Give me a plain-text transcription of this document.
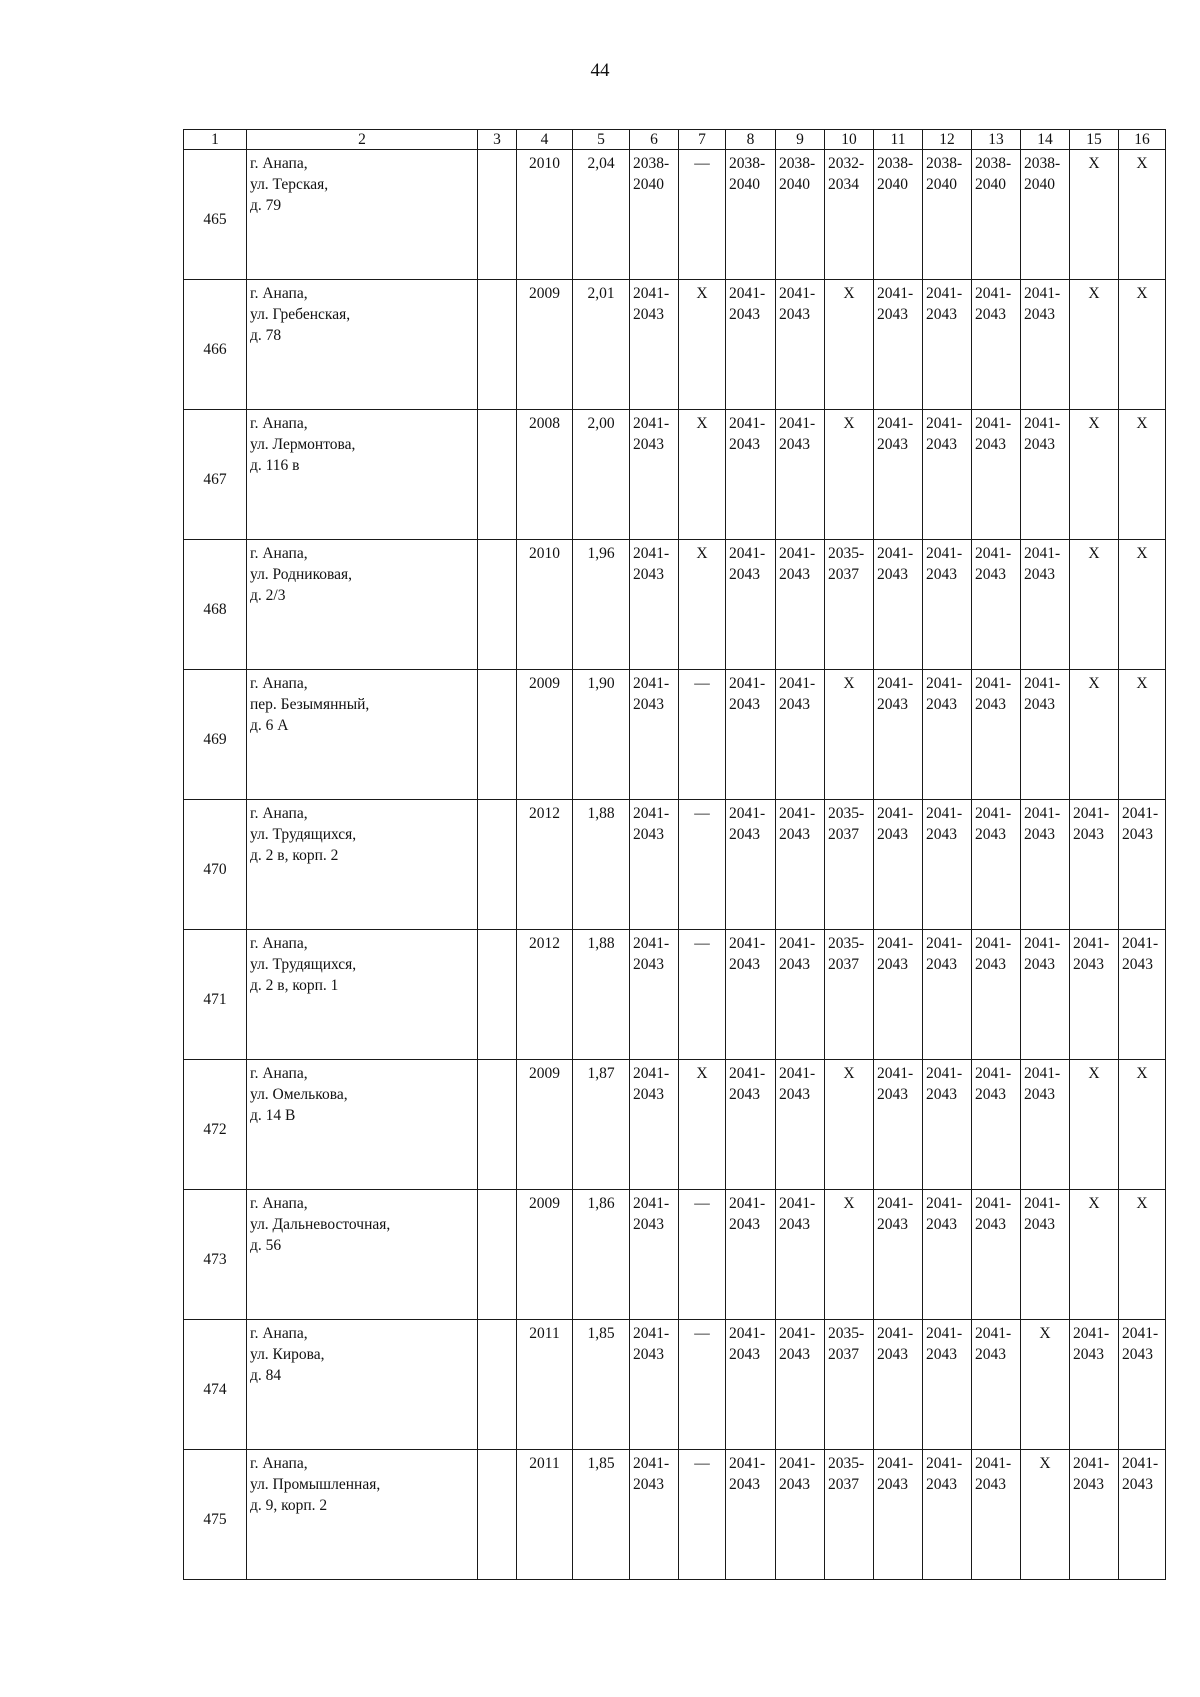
44
1	2	3	4	5	6	7	8	9	10	11	12	13	14	15	16
465	г. Анапа,
ул. Терская,
д. 79		2010	2,04	2038-
2040	—	2038-
2040	2038-
2040	2032-
2034	2038-
2040	2038-
2040	2038-
2040	2038-
2040	Х	Х

466	г. Анапа,
ул. Гребенская,
д. 78		2009	2,01	2041-
2043	Х	2041-
2043	2041-
2043	Х	2041-
2043	2041-
2043	2041-
2043	2041-
2043	Х	Х

467	г. Анапа,
ул. Лермонтова,
д. 116 в		2008	2,00	2041-
2043	Х	2041-
2043	2041-
2043	Х	2041-
2043	2041-
2043	2041-
2043	2041-
2043	Х	Х

468	г. Анапа,
ул. Родниковая,
д. 2/3		2010	1,96	2041-
2043	Х	2041-
2043	2041-
2043	2035-
2037	2041-
2043	2041-
2043	2041-
2043	2041-
2043	Х	Х

469	г. Анапа,
пер. Безымянный,
д. 6 А		2009	1,90	2041-
2043	—	2041-
2043	2041-
2043	Х	2041-
2043	2041-
2043	2041-
2043	2041-
2043	Х	Х

470	г. Анапа,
ул. Трудящихся,
д. 2 в, корп. 2		2012	1,88	2041-
2043	—	2041-
2043	2041-
2043	2035-
2037	2041-
2043	2041-
2043	2041-
2043	2041-
2043	2041-
2043	2041-
2043

471	г. Анапа,
ул. Трудящихся,
д. 2 в, корп. 1		2012	1,88	2041-
2043	—	2041-
2043	2041-
2043	2035-
2037	2041-
2043	2041-
2043	2041-
2043	2041-
2043	2041-
2043	2041-
2043

472	г. Анапа,
ул. Омелькова,
д. 14 В		2009	1,87	2041-
2043	Х	2041-
2043	2041-
2043	Х	2041-
2043	2041-
2043	2041-
2043	2041-
2043	Х	Х

473	г. Анапа,
ул. Дальневосточная,
д. 56		2009	1,86	2041-
2043	—	2041-
2043	2041-
2043	Х	2041-
2043	2041-
2043	2041-
2043	2041-
2043	Х	Х

474	г. Анапа,
ул. Кирова,
д. 84		2011	1,85	2041-
2043	—	2041-
2043	2041-
2043	2035-
2037	2041-
2043	2041-
2043	2041-
2043	Х	2041-
2043	2041-
2043

475	г. Анапа,
ул. Промышленная,
д. 9, корп. 2		2011	1,85	2041-
2043	—	2041-
2043	2041-
2043	2035-
2037	2041-
2043	2041-
2043	2041-
2043	Х	2041-
2043	2041-
2043
